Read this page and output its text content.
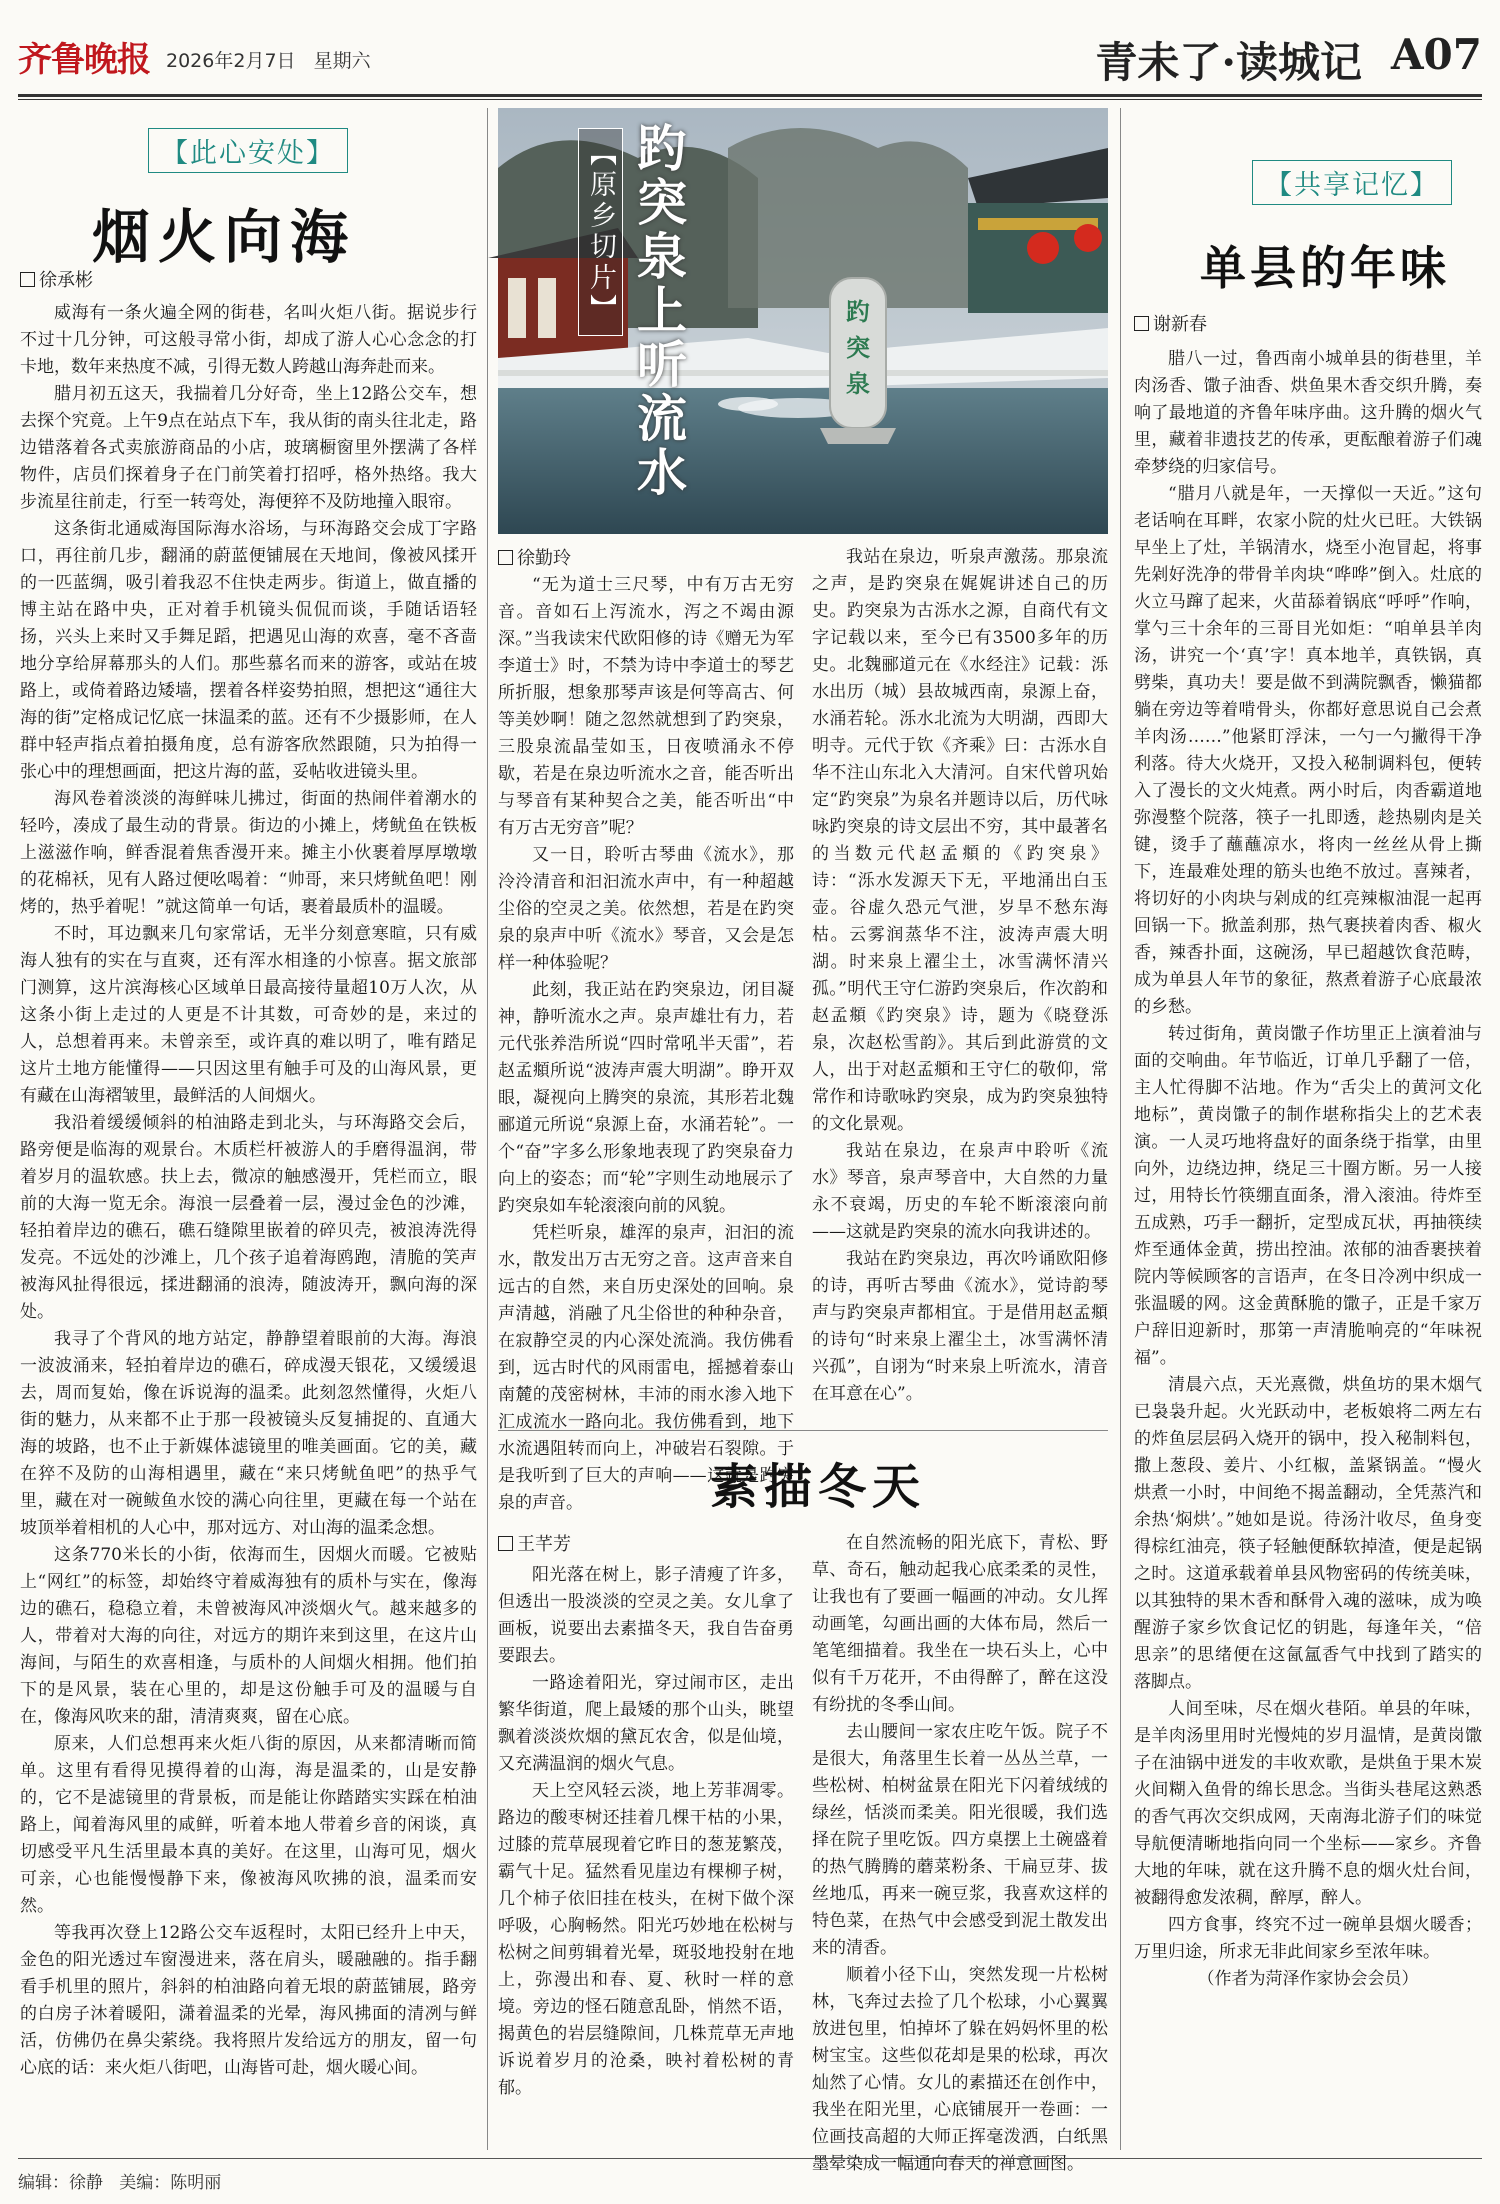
齐鲁晚报 2026年2月7日 星期六	青未了·读城记 A07
【此心安处】
烟火向海
徐承彬

威海有一条火遍全网的街巷，名叫火炬八街。据说步行不过十几分钟，可这般寻常小街，却成了游人心心念念的打卡地，数年来热度不减，引得无数人跨越山海奔赴而来。

腊月初五这天，我揣着几分好奇，坐上12路公交车，想去探个究竟。上午9点在站点下车，我从街的南头往北走，路边错落着各式卖旅游商品的小店，玻璃橱窗里外摆满了各样物件，店员们探着身子在门前笑着打招呼，格外热络。我大步流星往前走，行至一转弯处，海便猝不及防地撞入眼帘。

这条街北通威海国际海水浴场，与环海路交会成丁字路口，再往前几步，翻涌的蔚蓝便铺展在天地间，像被风揉开的一匹蓝绸，吸引着我忍不住快走两步。街道上，做直播的博主站在路中央，正对着手机镜头侃侃而谈，手随话语轻扬，兴头上来时又手舞足蹈，把遇见山海的欢喜，毫不吝啬地分享给屏幕那头的人们。那些慕名而来的游客，或站在坡路上，或倚着路边矮墙，摆着各样姿势拍照，想把这“通往大海的街”定格成记忆底一抹温柔的蓝。还有不少摄影师，在人群中轻声指点着拍摄角度，总有游客欣然跟随，只为拍得一张心中的理想画面，把这片海的蓝，妥帖收进镜头里。

海风卷着淡淡的海鲜味儿拂过，街面的热闹伴着潮水的轻吟，凑成了最生动的背景。街边的小摊上，烤鱿鱼在铁板上滋滋作响，鲜香混着焦香漫开来。摊主小伙裹着厚厚墩墩的花棉袄，见有人路过便吆喝着：“帅哥，来只烤鱿鱼吧！刚烤的，热乎着呢！”就这简单一句话，裹着最质朴的温暖。

不时，耳边飘来几句家常话，无半分刻意寒暄，只有威海人独有的实在与直爽，还有浑水相逢的小惊喜。据文旅部门测算，这片滨海核心区域单日最高接待量超10万人次，从这条小街上走过的人更是不计其数，可奇妙的是，来过的人，总想着再来。未曾亲至，或许真的难以明了，唯有踏足这片土地方能懂得——只因这里有触手可及的山海风景，更有藏在山海褶皱里，最鲜活的人间烟火。

我沿着缓缓倾斜的柏油路走到北头，与环海路交会后，路旁便是临海的观景台。木质栏杆被游人的手磨得温润，带着岁月的温软感。扶上去，微凉的触感漫开，凭栏而立，眼前的大海一览无余。海浪一层叠着一层，漫过金色的沙滩，轻拍着岸边的礁石，礁石缝隙里嵌着的碎贝壳，被浪涛洗得发亮。不远处的沙滩上，几个孩子追着海鸥跑，清脆的笑声被海风扯得很远，揉进翻涌的浪涛，随波涛开，飘向海的深处。

我寻了个背风的地方站定，静静望着眼前的大海。海浪一波波涌来，轻拍着岸边的礁石，碎成漫天银花，又缓缓退去，周而复始，像在诉说海的温柔。此刻忽然懂得，火炬八街的魅力，从来都不止于那一段被镜头反复捕捉的、直通大海的坡路，也不止于新媒体滤镜里的唯美画面。它的美，藏在猝不及防的山海相遇里，藏在“来只烤鱿鱼吧”的热乎气里，藏在对一碗鲅鱼水饺的满心向往里，更藏在每一个站在坡顶举着相机的人心中，那对远方、对山海的温柔念想。

这条770米长的小街，依海而生，因烟火而暖。它被贴上“网红”的标签，却始终守着威海独有的质朴与实在，像海边的礁石，稳稳立着，未曾被海风冲淡烟火气。越来越多的人，带着对大海的向往，对远方的期许来到这里，在这片山海间，与陌生的欢喜相逢，与质朴的人间烟火相拥。他们拍下的是风景，装在心里的，却是这份触手可及的温暖与自在，像海风吹来的甜，清清爽爽，留在心底。

原来，人们总想再来火炬八街的原因，从来都清晰而简单。这里有看得见摸得着的山海，海是温柔的，山是安静的，它不是滤镜里的背景板，而是能让你踏踏实实踩在柏油路上，闻着海风里的咸鲜，听着本地人带着乡音的闲谈，真切感受平凡生活里最本真的美好。在这里，山海可见，烟火可亲，心也能慢慢静下来，像被海风吹拂的浪，温柔而安然。

等我再次登上12路公交车返程时，太阳已经升上中天，金色的阳光透过车窗漫进来，落在肩头，暖融融的。指手翻看手机里的照片，斜斜的柏油路向着无垠的蔚蓝铺展，路旁的白房子沐着暖阳，潇着温柔的光晕，海风拂面的清冽与鲜活，仿佛仍在鼻尖萦绕。我将照片发给远方的朋友，留一句心底的话：来火炬八街吧，山海皆可赴，烟火暖心间。

趵
突
泉
【原乡切片】 趵突泉上听流水
徐勤玲

“无为道士三尺琴，中有万古无穷音。音如石上泻流水，泻之不竭由源深。”当我读宋代欧阳修的诗《赠无为军李道士》时，不禁为诗中李道士的琴艺所折服，想象那琴声该是何等高古、何等美妙啊！随之忽然就想到了趵突泉，三股泉流晶莹如玉，日夜喷涌永不停歇，若是在泉边听流水之音，能否听出与琴音有某种契合之美，能否听出“中有万古无穷音”呢？

又一日，聆听古琴曲《流水》，那泠泠清音和汩汩流水声中，有一种超越尘俗的空灵之美。依然想，若是在趵突泉的泉声中听《流水》琴音，又会是怎样一种体验呢？

此刻，我正站在趵突泉边，闭目凝神，静听流水之声。泉声雄壮有力，若元代张养浩所说“四时常吼半天雷”，若赵孟頫所说“波涛声震大明湖”。睁开双眼，凝视向上腾突的泉流，其形若北魏郦道元所说“泉源上奋，水涌若轮”。一个“奋”字多么形象地表现了趵突泉奋力向上的姿态；而“轮”字则生动地展示了趵突泉如车轮滚滚向前的风貌。

凭栏听泉，雄浑的泉声，汩汩的流水，散发出万古无穷之音。这声音来自远古的自然，来自历史深处的回响。泉声清越，消融了凡尘俗世的种种杂音，在寂静空灵的内心深处流淌。我仿佛看到，远古时代的风雨雷电，摇撼着泰山南麓的茂密树林，丰沛的雨水渗入地下汇成流水一路向北。我仿佛看到，地下水流遇阻转而向上，冲破岩石裂隙。于是我听到了巨大的声响——这就是趵突泉的声音。

我站在泉边，听泉声激荡。那泉流之声，是趵突泉在娓娓讲述自己的历史。趵突泉为古泺水之源，自商代有文字记载以来，至今已有3500多年的历史。北魏郦道元在《水经注》记载：泺水出历（城）县故城西南，泉源上奋，水涌若轮。泺水北流为大明湖，西即大明寺。元代于钦《齐乘》曰：古泺水自华不注山东北入大清河。自宋代曾巩始定“趵突泉”为泉名并题诗以后，历代咏咏趵突泉的诗文层出不穷，其中最著名的当数元代赵孟頫的《趵突泉》诗：“泺水发源天下无，平地涌出白玉壶。谷虚久恐元气泄，岁旱不愁东海枯。云雾润蒸华不注，波涛声震大明湖。时来泉上濯尘土，冰雪满怀清兴孤。”明代王守仁游趵突泉后，作次韵和赵孟頫《趵突泉》诗，题为《晓登泺泉，次赵松雪韵》。其后到此游赏的文人，出于对赵孟頫和王守仁的敬仰，常常作和诗歌咏趵突泉，成为趵突泉独特的文化景观。

我站在泉边，在泉声中聆听《流水》琴音，泉声琴音中，大自然的力量永不衰竭，历史的车轮不断滚滚向前——这就是趵突泉的流水向我讲述的。

我站在趵突泉边，再次吟诵欧阳修的诗，再听古琴曲《流水》，觉诗韵琴声与趵突泉声都相宜。于是借用赵孟頫的诗句“时来泉上濯尘土，冰雪满怀清兴孤”，自诩为“时来泉上听流水，清音在耳意在心”。

素描冬天
王芊芳

阳光落在树上，影子清瘦了许多，但透出一股淡淡的空灵之美。女儿拿了画板，说要出去素描冬天，我自告奋勇要跟去。

一路途着阳光，穿过闹市区，走出繁华街道，爬上最矮的那个山头，眺望飘着淡淡炊烟的黛瓦农舍，似是仙境，又充满温润的烟火气息。

天上空风轻云淡，地上芳菲凋零。路边的酸枣树还挂着几棵干枯的小果，过膝的荒草展现着它昨日的葱茏繁茂，霸气十足。猛然看见崖边有棵柳子树，几个柿子依旧挂在枝头，在树下做个深呼吸，心胸畅然。阳光巧妙地在松树与松树之间剪辑着光晕，斑驳地投射在地上，弥漫出和春、夏、秋时一样的意境。旁边的怪石随意乱卧，悄然不语，揭黄色的岩层缝隙间，几株荒草无声地诉说着岁月的沧桑，映衬着松树的青郁。

在自然流畅的阳光底下，青松、野草、奇石，触动起我心底柔柔的灵性，让我也有了要画一幅画的冲动。女儿挥动画笔，勾画出画的大体布局，然后一笔笔细描着。我坐在一块石头上，心中似有千万花开，不由得醉了，醉在这没有纷扰的冬季山间。

去山腰间一家农庄吃午饭。院子不是很大，角落里生长着一丛丛兰草，一些松树、柏树盆景在阳光下闪着绒绒的绿丝，恬淡而柔美。阳光很暖，我们选择在院子里吃饭。四方桌摆上土碗盛着的热气腾腾的蘑菜粉条、干扁豆芽、拔丝地瓜，再来一碗豆浆，我喜欢这样的特色菜，在热气中会感受到泥土散发出来的清香。

顺着小径下山，突然发现一片松树林，飞奔过去捡了几个松球，小心翼翼放进包里，怕掉坏了躲在妈妈怀里的松树宝宝。这些似花却是果的松球，再次灿然了心情。女儿的素描还在创作中，我坐在阳光里，心底铺展开一卷画：一位画技高超的大师正挥毫泼洒，白纸黑墨晕染成一幅通向春天的禅意画图。

【共享记忆】
单县的年味
谢新春

腊八一过，鲁西南小城单县的街巷里，羊肉汤香、馓子油香、烘鱼果木香交织升腾，奏响了最地道的齐鲁年味序曲。这升腾的烟火气里，藏着非遗技艺的传承，更酝酿着游子们魂牵梦绕的归家信号。

“腊月八就是年，一天撑似一天近。”这句老话响在耳畔，农家小院的灶火已旺。大铁锅早坐上了灶，羊锅清水，烧至小泡冒起，将事先剁好洗净的带骨羊肉块“哗哗”倒入。灶底的火立马蹿了起来，火苗舔着锅底“呼呼”作响，掌勺三十余年的三哥目光如炬：“咱单县羊肉汤，讲究一个‘真’字！真本地羊，真铁锅，真劈柴，真功夫！要是做不到满院飘香，懒猫都躺在旁边等着啃骨头，你都好意思说自己会煮羊肉汤……”他紧盯浮沫，一勺一勺撇得干净利落。待大火烧开，又投入秘制调料包，便转入了漫长的文火炖煮。两小时后，肉香霸道地弥漫整个院落，筷子一扎即透，趁热剔肉是关键，烫手了蘸蘸凉水，将肉一丝丝从骨上撕下，连最难处理的筋头也绝不放过。喜辣者，将切好的小肉块与剁成的红亮辣椒油混一起再回锅一下。掀盖刹那，热气裹挟着肉香、椒火香，辣香扑面，这碗汤，早已超越饮食范畴，成为单县人年节的象征，熬煮着游子心底最浓的乡愁。

转过街角，黄岗馓子作坊里正上演着油与面的交响曲。年节临近，订单几乎翻了一倍，主人忙得脚不沾地。作为“舌尖上的黄河文化地标”，黄岗馓子的制作堪称指尖上的艺术表演。一人灵巧地将盘好的面条绕于指掌，由里向外，边绕边抻，绕足三十圈方断。另一人接过，用特长竹筷绷直面条，滑入滚油。待炸至五成熟，巧手一翻折，定型成瓦状，再抽筷续炸至通体金黄，捞出控油。浓郁的油香裹挟着院内等候顾客的言语声，在冬日冷冽中织成一张温暖的网。这金黄酥脆的馓子，正是千家万户辞旧迎新时，那第一声清脆响亮的“年味祝福”。

清晨六点，天光熹微，烘鱼坊的果木烟气已袅袅升起。火光跃动中，老板娘将二两左右的炸鱼层层码入烧开的锅中，投入秘制料包，撒上葱段、姜片、小红椒，盖紧锅盖。“慢火烘煮一小时，中间绝不揭盖翻动，全凭蒸汽和余热‘焖烘’。”她如是说。待汤汁收尽，鱼身变得棕红油亮，筷子轻触便酥软掉渣，便是起锅之时。这道承载着单县风物密码的传统美味，以其独特的果木香和酥骨入魂的滋味，成为唤醒游子家乡饮食记忆的钥匙，每逢年关，“倍思亲”的思绪便在这氤氲香气中找到了踏实的落脚点。

人间至味，尽在烟火巷陌。单县的年味，是羊肉汤里用时光慢炖的岁月温情，是黄岗馓子在油锅中迸发的丰收欢歌，是烘鱼于果木炭火间糊入鱼骨的绵长思念。当街头巷尾这熟悉的香气再次交织成网，天南海北游子们的味觉导航便清晰地指向同一个坐标——家乡。齐鲁大地的年味，就在这升腾不息的烟火灶台间，被翻得愈发浓稠，醉厚，醉人。

四方食事，终究不过一碗单县烟火暖香；万里归途，所求无非此间家乡至浓年味。

（作者为菏泽作家协会会员）

编辑：徐静 美编：陈明丽
